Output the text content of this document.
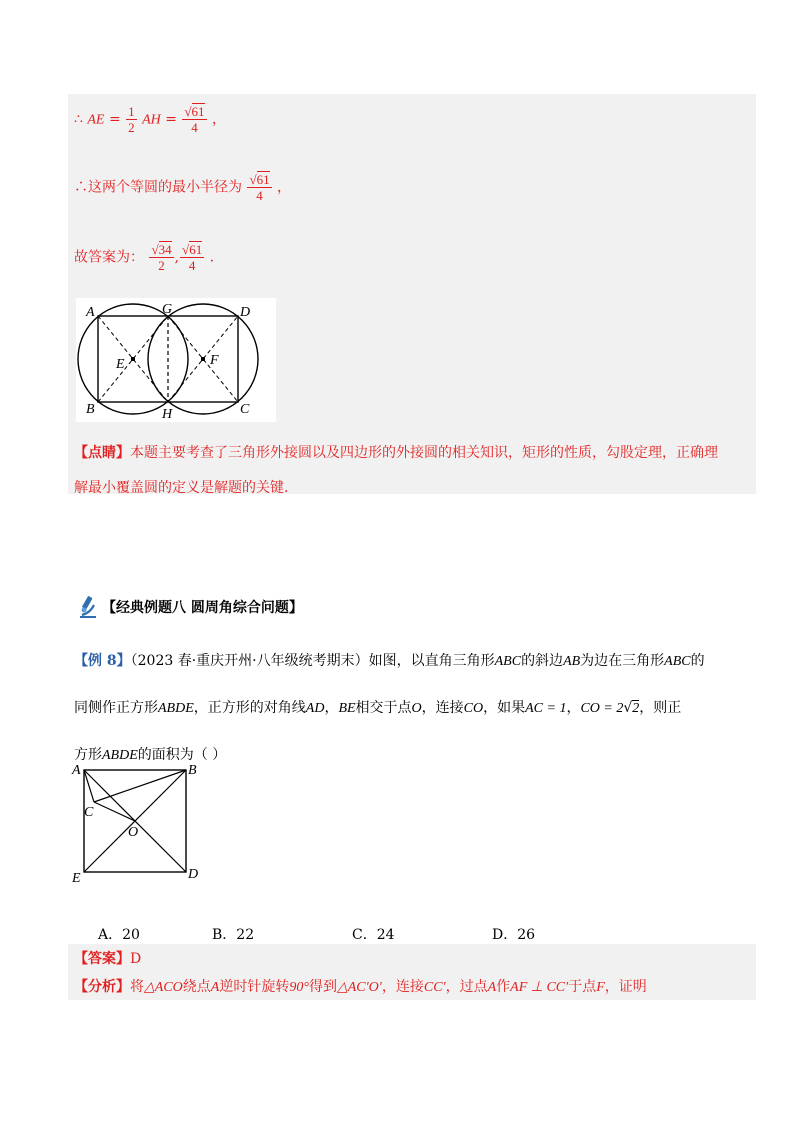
∴ AE = $\frac{1}{2}$ AH = $\frac{√61}{4}$ ，
∴这两个等圆的最小半径为 $\frac{√61}{4}$ ，
故答案为： $\frac{√34}{2}$ , $\frac{√61}{4}$ .
A	G	D
E	F
B	H	C
【点睛】本题主要考查了三角形外接圆以及四边形的外接圆的相关知识，矩形的性质，勾股定理，正确理
解最小覆盖圆的定义是解题的关键.
【经典例题八 圆周角综合问题】
【例 8】（2023 春·重庆开州·八年级统考期末）如图，以直角三角形ABC的斜边AB为边在三角形ABC的
同侧作正方形ABDE，正方形的对角线AD，BE相交于点O，连接CO，如果AC = 1，CO = 2√2，则正
方形ABDE的面积为（ ）
A	B
C
O
E	D
A．20	B．22	C．24	D．26
【答案】D
【分析】将△ACO绕点A逆时针旋转90°得到△AC′O′，连接CC′，过点A作AF ⊥ CC′于点F，证明
